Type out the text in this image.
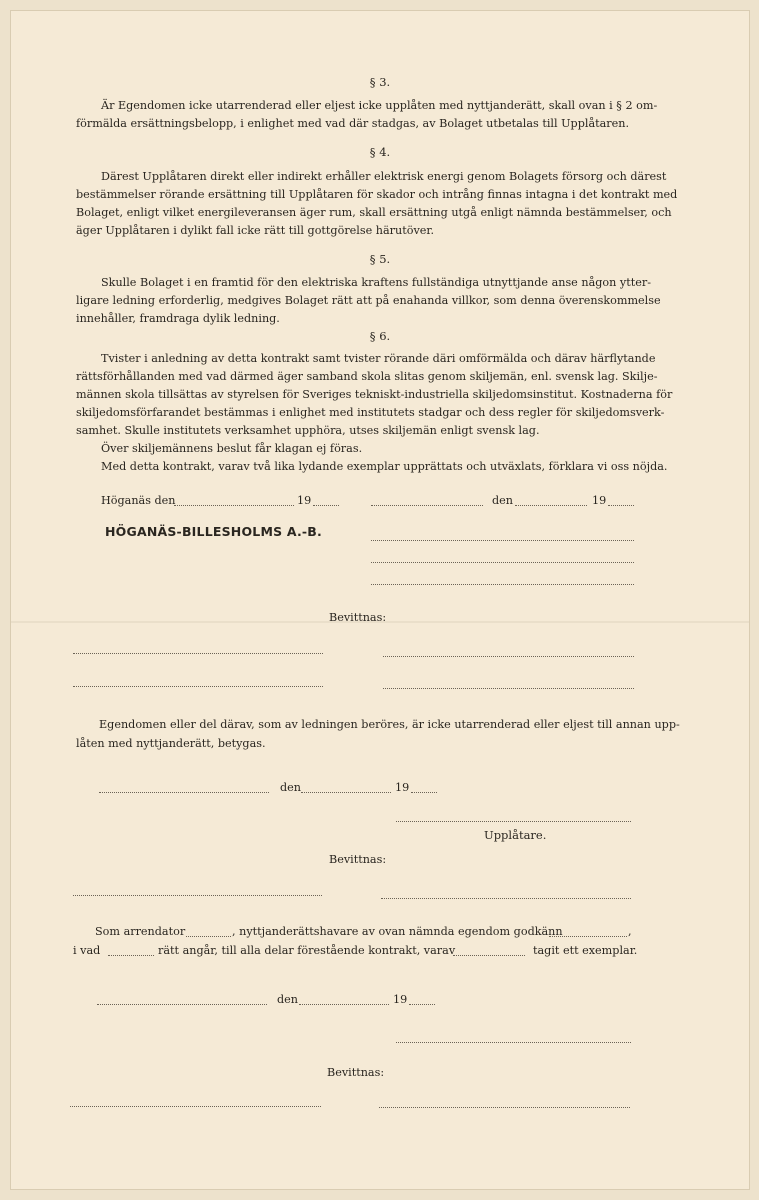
§ 3.
Är Egendomen icke utarrenderad eller eljest icke upplåten med nyttjanderätt, skall ovan i § 2 om-
förmälda ersättningsbelopp, i enlighet med vad där stadgas, av Bolaget utbetalas till Upplåtaren.
§ 4.
Därest Upplåtaren direkt eller indirekt erhåller elektrisk energi genom Bolagets försorg och därest
bestämmelser rörande ersättning till Upplåtaren för skador och intrång finnas intagna i det kontrakt med
Bolaget, enligt vilket energileveransen äger rum, skall ersättning utgå enligt nämnda bestämmelser, och
äger Upplåtaren i dylikt fall icke rätt till gottgörelse härutöver.
§ 5.
Skulle Bolaget i en framtid för den elektriska kraftens fullständiga utnyttjande anse någon ytter-
ligare ledning erforderlig, medgives Bolaget rätt att på enahanda villkor, som denna överenskommelse
innehåller, framdraga dylik ledning.
§ 6.
Tvister i anledning av detta kontrakt samt tvister rörande däri omförmälda och därav härflytande
rättsförhållanden med vad därmed äger samband skola slitas genom skiljemän, enl. svensk lag. Skilje-
männen skola tillsättas av styrelsen för Sveriges tekniskt-industriella skiljedomsinstitut. Kostnaderna för
skiljedomsförfarandet bestämmas i enlighet med institutets stadgar och dess regler för skiljedomsverk-
samhet. Skulle institutets verksamhet upphöra, utses skiljemän enligt svensk lag.
Över skiljemännens beslut får klagan ej föras.
Med detta kontrakt, varav två lika lydande exemplar upprättats och utväxlats, förklara vi oss nöjda.
Höganäs den	19	den	19
HÖGANÄS-BILLESHOLMS A.-B.
Bevittnas:
Egendomen eller del därav, som av ledningen beröres, är icke utarrenderad eller eljest till annan upp-
låten med nyttjanderätt, betygas.
den	19
Upplåtare.
Bevittnas:
Som arrendator	, nyttjanderättshavare av ovan nämnda egendom godkänn	,
i vad	rätt angår, till alla delar förestående kontrakt, varav	tagit ett exemplar.
den	19
Bevittnas:
